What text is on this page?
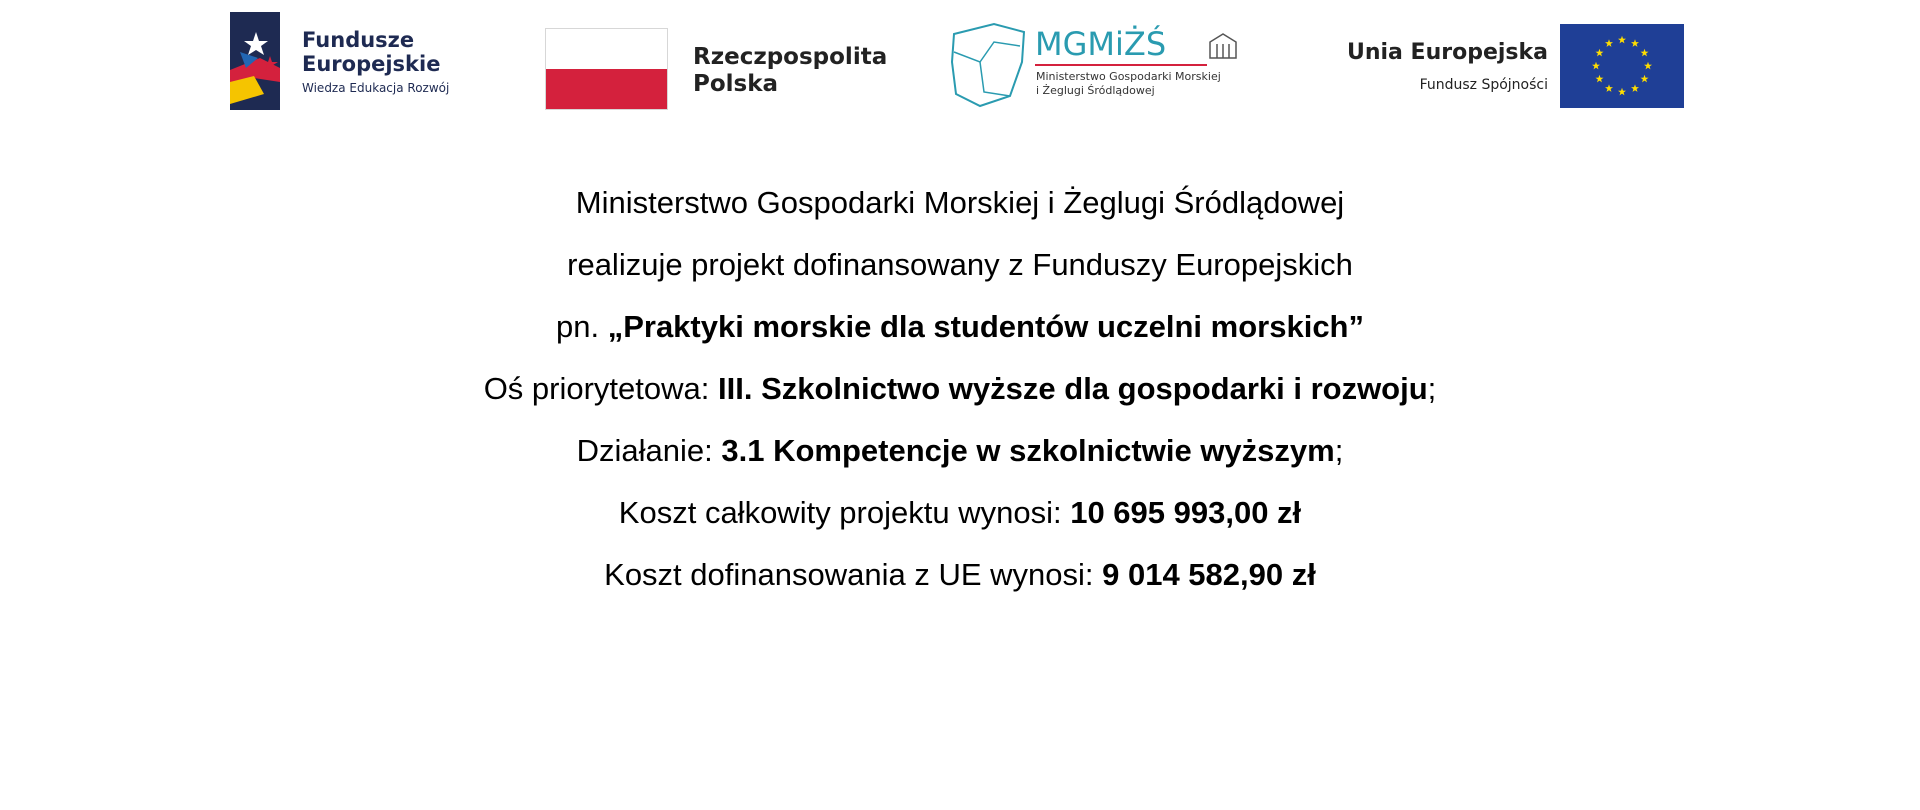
Fundusze
Europejskie
Wiedza Edukacja Rozwój
Rzeczpospolita
Polska
MGMiŻŚ
Ministerstwo Gospodarki Morskiej
i Żeglugi Śródlądowej
Unia Europejska
Fundusz Spójności
Ministerstwo Gospodarki Morskiej i Żeglugi Śródlądowej
realizuje projekt dofinansowany z Funduszy Europejskich
pn. „Praktyki morskie dla studentów uczelni morskich”
Oś priorytetowa: III. Szkolnictwo wyższe dla gospodarki i rozwoju;
Działanie: 3.1 Kompetencje w szkolnictwie wyższym;
Koszt całkowity projektu wynosi: 10 695 993,00 zł
Koszt dofinansowania z UE wynosi: 9 014 582,90 zł
